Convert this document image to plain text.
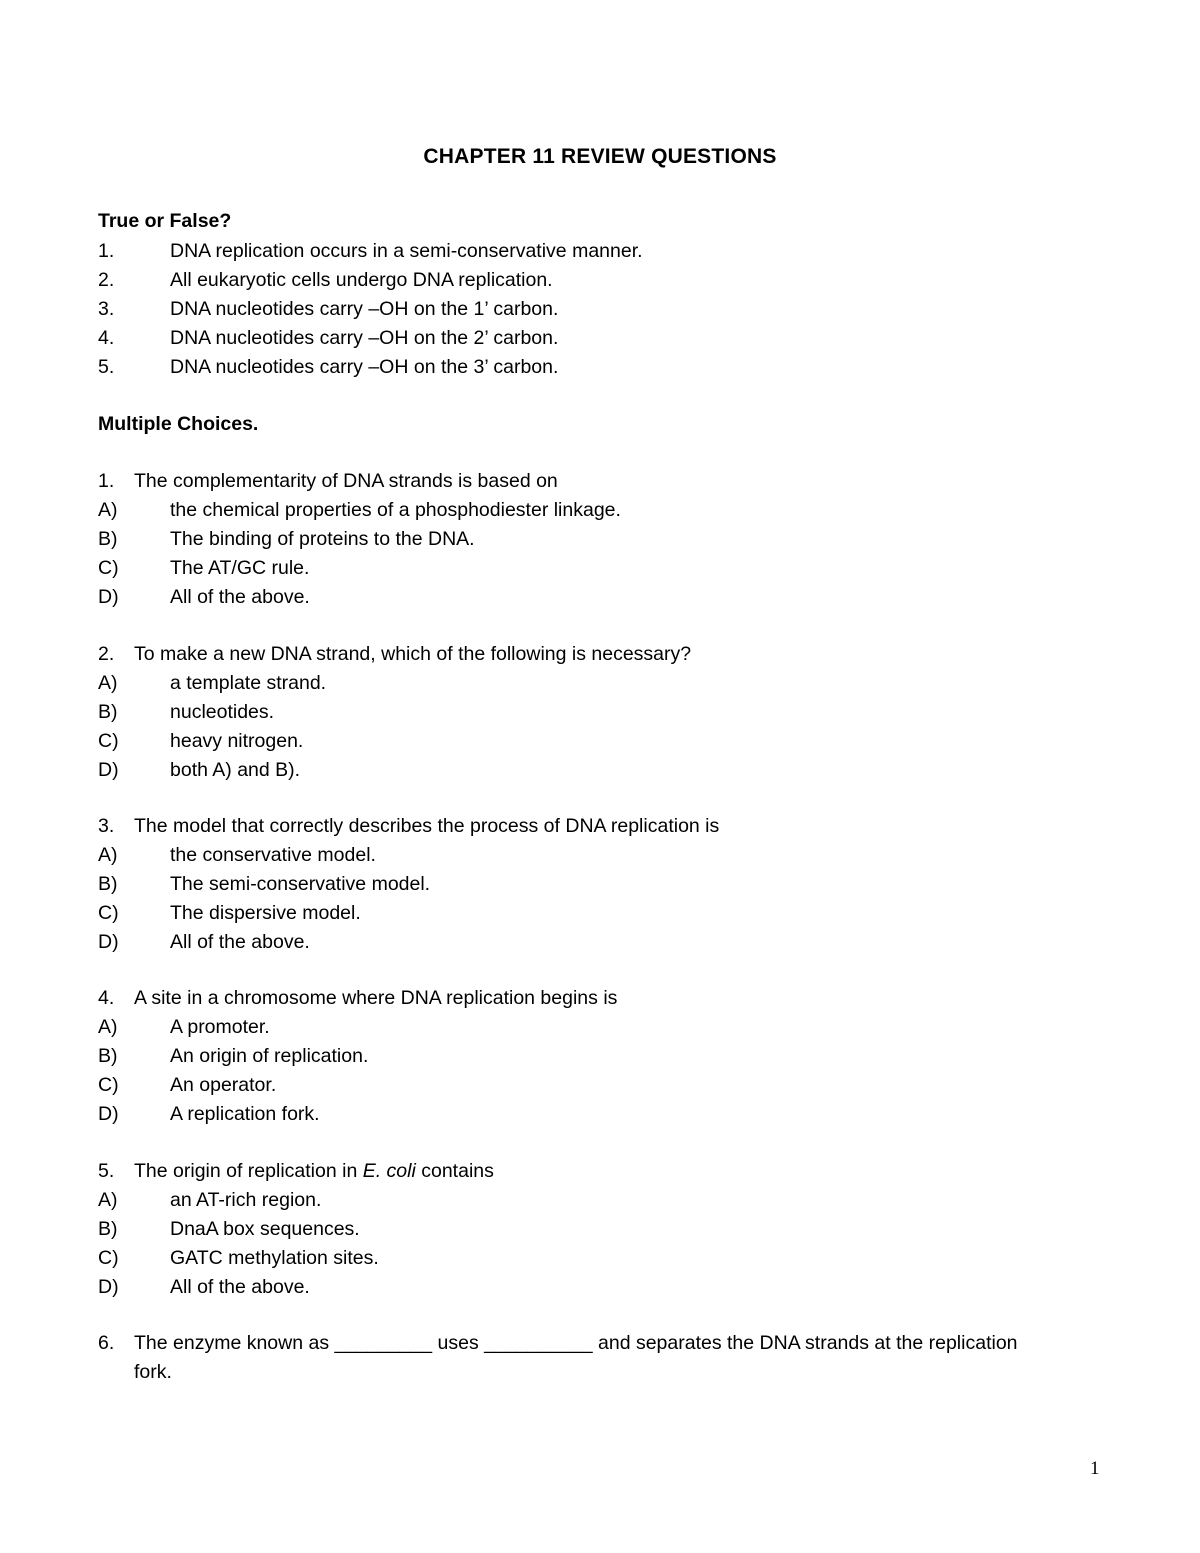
CHAPTER 11 REVIEW QUESTIONS
True or False?
1.	DNA replication occurs in a semi-conservative manner.
2.	All eukaryotic cells undergo DNA replication.
3.	DNA nucleotides carry –OH on the 1’ carbon.
4.	DNA nucleotides carry –OH on the 2’ carbon.
5.	DNA nucleotides carry –OH on the 3’ carbon.
Multiple Choices.
1. The complementarity of DNA strands is based on
A)	the chemical properties of a phosphodiester linkage.
B)	The binding of proteins to the DNA.
C)	The AT/GC rule.
D)	All of the above.
2. To make a new DNA strand, which of the following is necessary?
A)	a template strand.
B)	nucleotides.
C)	heavy nitrogen.
D)	both A) and B).
3. The model that correctly describes the process of DNA replication is
A)	the conservative model.
B)	The semi-conservative model.
C)	The dispersive model.
D)	All of the above.
4. A site in a chromosome where DNA replication begins is
A)	A promoter.
B)	An origin of replication.
C)	An operator.
D)	A replication fork.
5. The origin of replication in E. coli contains
A)	an AT-rich region.
B)	DnaA box sequences.
C)	GATC methylation sites.
D)	All of the above.
6. The enzyme known as _________ uses __________ and separates the DNA strands at the replication
fork.
1
